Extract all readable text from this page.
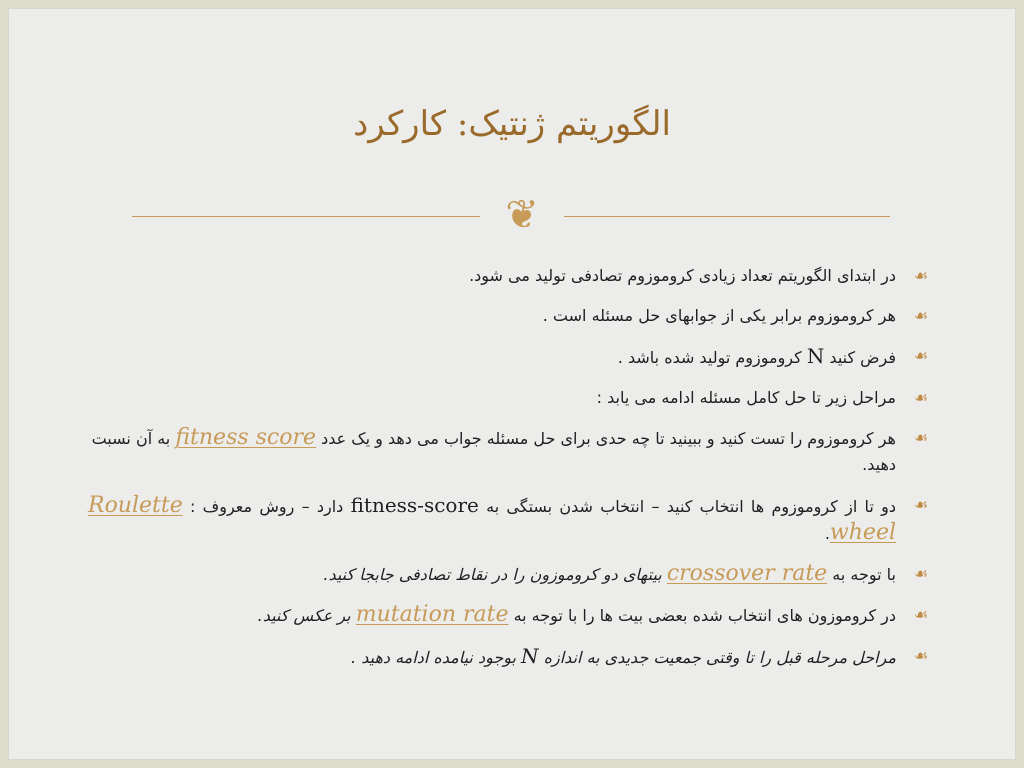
الگوریتم ژنتیک: کارکرد
❦
☙
در ابتدای الگوریتم تعداد زیادی کروموزوم تصادفی تولید می شود.
☙
هر کروموزوم برابر یکی از جوابهای حل مسئله است .
☙
فرض کنید N کروموزوم تولید شده باشد .
☙
مراحل زیر تا حل کامل مسئله ادامه می یابد :
☙
هر کروموزوم را تست کنید و ببینید تا چه حدی برای حل مسئله جواب می دهد و یک عدد fitness score به آن نسبت دهید.
☙
دو تا از کروموزوم ها انتخاب کنید – انتخاب شدن بستگی به fitness-score دارد – روش معروف : Roulette wheel.
☙
با توجه به crossover rate بیتهای دو کروموزون را در نقاط تصادفی جابجا کنید.
☙
در کروموزون های انتخاب شده بعضی بیت ها را با توجه به mutation rate بر عکس کنید.
☙
مراحل مرحله قبل را تا وقتی جمعیت جدیدی به اندازه N بوجود نیامده ادامه دهید .
